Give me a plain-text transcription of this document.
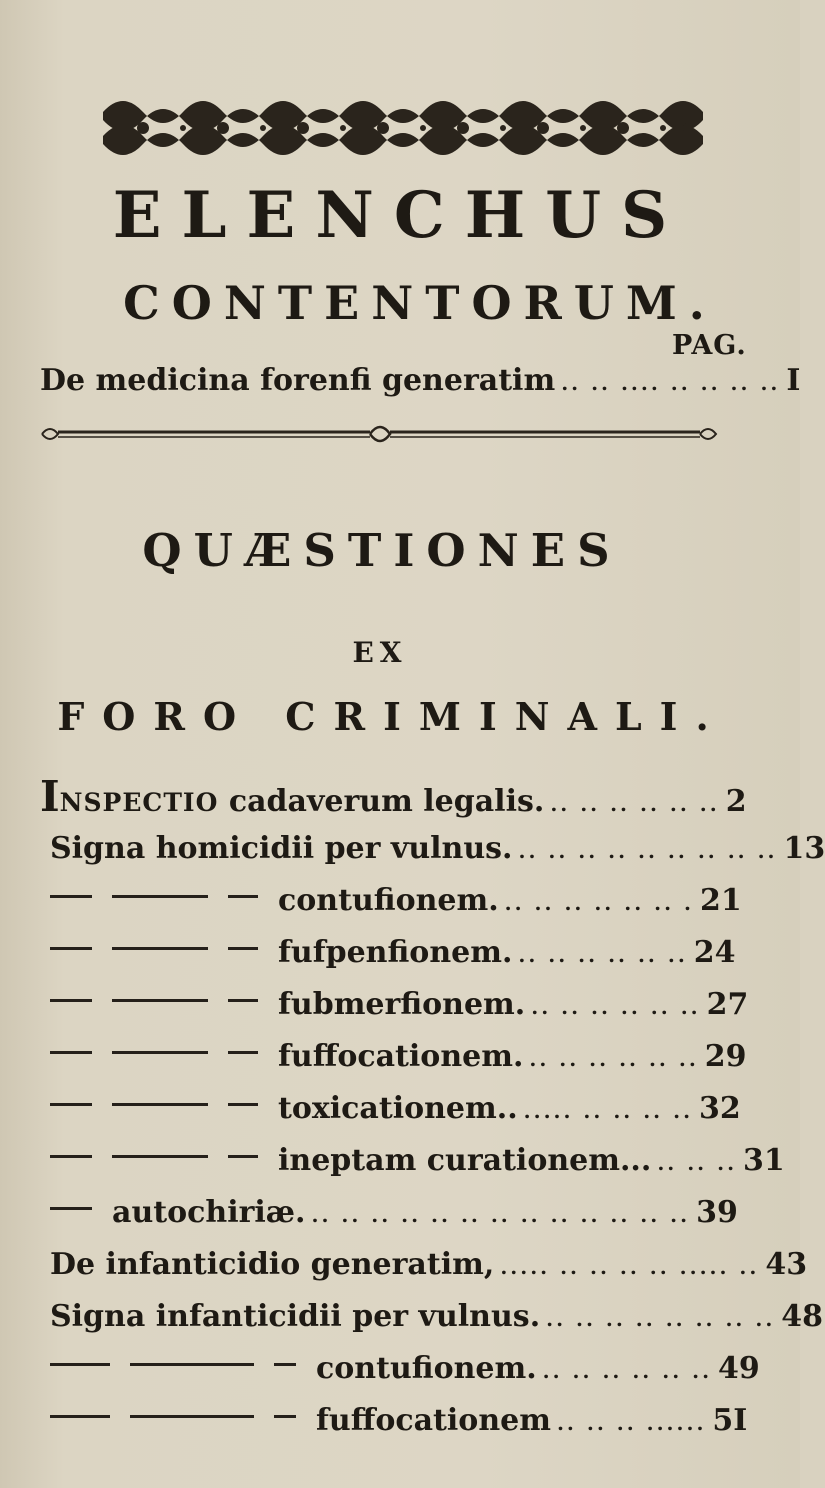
ELENCHUS
CONTENTORUM.
PAG.
De medicina forenfi generatim .. .. .... .. .. .. .. I
QUÆSTIONES
EX
FORO CRIMINALI.
INSPECTIO cadaverum legalis. .. .. .. .. .. .. 2
Signa homicidii per vulnus. .. .. .. .. .. .. .. .. .. 13
contufionem. .. .. .. .. .. .. . 21
fufpenfionem. .. .. .. .. .. .. 24
fubmerfionem. .. .. .. .. .. .. 27
fuffocationem. .. .. .. .. .. .. 29
toxicationem.. ..... .. .. .. .. 32
ineptam curationem... .. .. .. 31
autochiriæ. .. .. .. .. .. .. .. .. .. .. .. .. .. 39
De infanticidio generatim, ..... .. .. .. .. ..... .. 43
Signa infanticidii per vulnus. .. .. .. .. .. .. .. .. 48
contufionem. .. .. .. .. .. .. 49
fuffocationem .. .. .. ...... 5I
